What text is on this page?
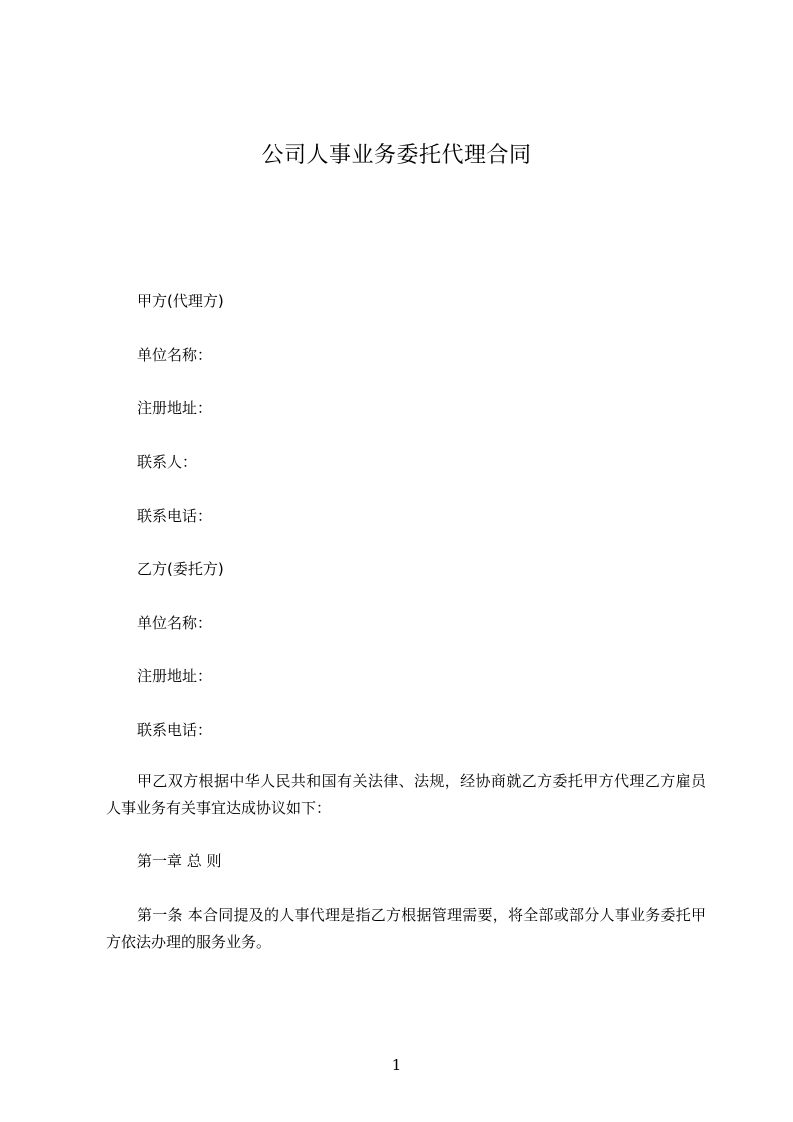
公司人事业务委托代理合同
甲方(代理方)
单位名称：
注册地址：
联系人：
联系电话：
乙方(委托方)
单位名称：
注册地址：
联系电话：
甲乙双方根据中华人民共和国有关法律、法规，经协商就乙方委托甲方代理乙方雇员人事业务有关事宜达成协议如下：
第一章 总 则
第一条 本合同提及的人事代理是指乙方根据管理需要，将全部或部分人事业务委托甲方依法办理的服务业务。
1
